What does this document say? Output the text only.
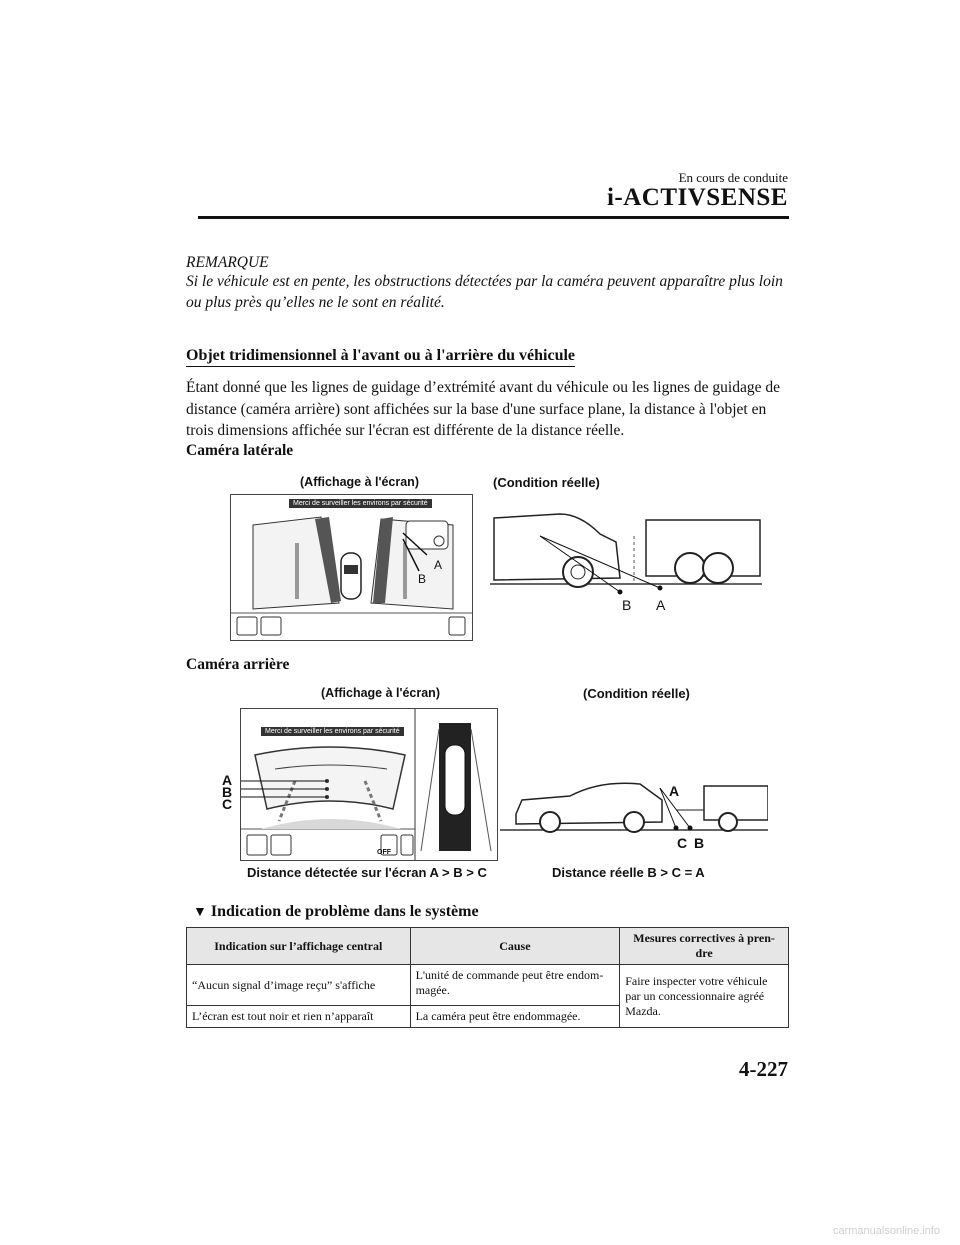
En cours de conduite
i-ACTIVSENSE
REMARQUE
Si le véhicule est en pente, les obstructions détectées par la caméra peuvent apparaître plus loin ou plus près qu’elles ne le sont en réalité.
Objet tridimensionnel à l'avant ou à l'arrière du véhicule
Étant donné que les lignes de guidage d’extrémité avant du véhicule ou les lignes de guidage de distance (caméra arrière) sont affichées sur la base d'une surface plane, la distance à l'objet en trois dimensions affichée sur l'écran est différente de la distance réelle.
Caméra latérale
(Affichage à l'écran)	(Condition réelle)
Merci de surveiller les environs par sécurité
A
B
B A
Caméra arrière
(Affichage à l'écran)	(Condition réelle)
Merci de surveiller les environs par sécurité
OFF
A
B
C
A
C B
Distance détectée sur l'écran A > B > C	Distance réelle B > C = A
▼ Indication de problème dans le système
Indication sur l’affichage central	Cause	Mesures correctives à pren-dre
“Aucun signal d’image reçu” s'affiche	L'unité de commande peut être endom-magée.	Faire inspecter votre véhicule par un concessionnaire agréé Mazda.
L’écran est tout noir et rien n’apparaît	La caméra peut être endommagée.	
4-227
carmanualsonline.info
